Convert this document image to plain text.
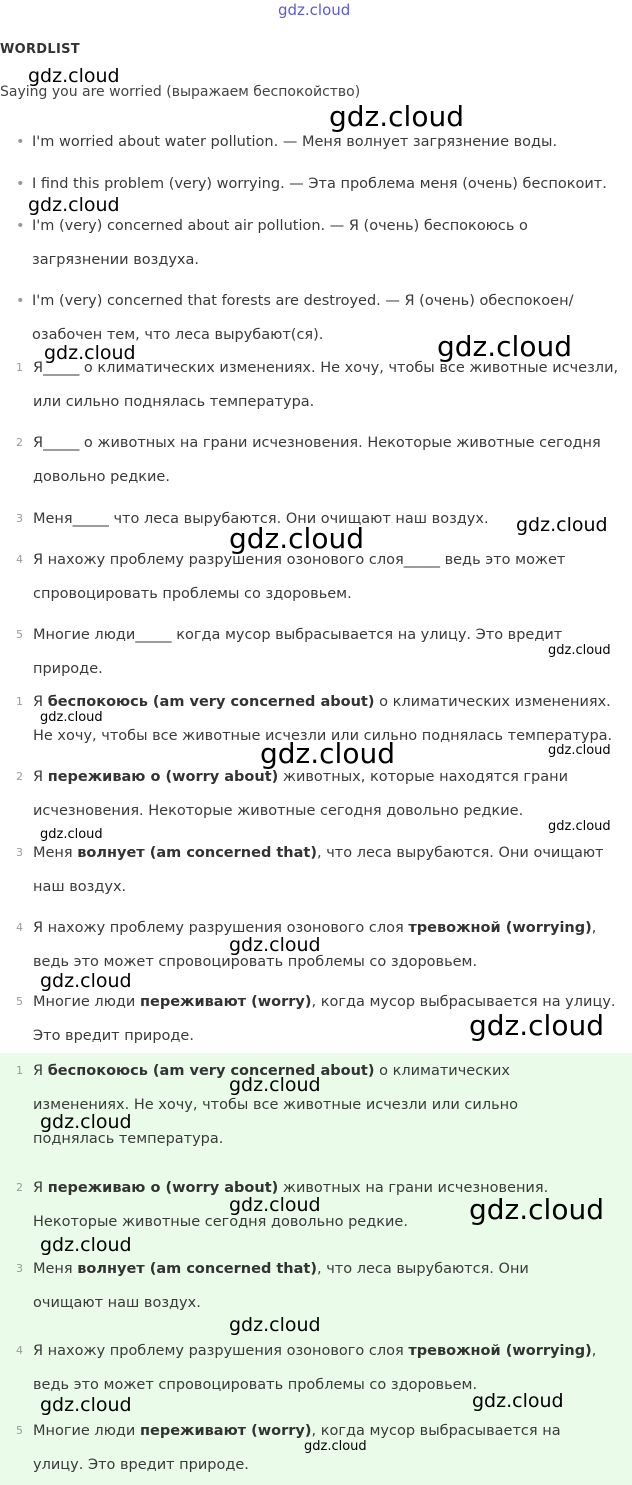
gdz.cloud
WORDLIST
Saying you are worried (выражаем беспокойство)
• I'm worried about water pollution. — Меня волнует загрязнение воды.
• I find this problem (very) worrying. — Эта проблема меня (очень) беспокоит.
• I'm (very) concerned about air pollution. — Я (очень) беспокоюсь о загрязнении воздуха.
• I'm (very) concerned that forests are destroyed. — Я (очень) обеспокоен/ озабочен тем, что леса вырубают(ся).
1 Я_____ о климатических изменениях. Не хочу, чтобы все животные исчезли, или сильно поднялась температура.
2 Я_____ о животных на грани исчезновения. Некоторые животные сегодня довольно редкие.
3 Меня_____ что леса вырубаются. Они очищают наш воздух.
4 Я нахожу проблему разрушения озонового слоя_____ ведь это может спровоцировать проблемы со здоровьем.
5 Многие люди_____ когда мусор выбрасывается на улицу. Это вредит природе.
1 Я беспокоюсь (am very concerned about) о климатических изменениях. Не хочу, чтобы все животные исчезли или сильно поднялась температура.
2 Я переживаю о (worry about) животных, которые находятся грани исчезновения. Некоторые животные сегодня довольно редкие.
3 Меня волнует (am concerned that), что леса вырубаются. Они очищают наш воздух.
4 Я нахожу проблему разрушения озонового слоя тревожной (worrying), ведь это может спровоцировать проблемы со здоровьем.
5 Многие люди переживают (worry), когда мусор выбрасывается на улицу. Это вредит природе.
1 Я беспокоюсь (am very concerned about) о климатических изменениях. Не хочу, чтобы все животные исчезли или сильно поднялась температура.
2 Я переживаю о (worry about) животных на грани исчезновения. Некоторые животные сегодня довольно редкие.
3 Меня волнует (am concerned that), что леса вырубаются. Они очищают наш воздух.
4 Я нахожу проблему разрушения озонового слоя тревожной (worrying), ведь это может спровоцировать проблемы со здоровьем.
5 Многие люди переживают (worry), когда мусор выбрасывается на улицу. Это вредит природе.
gdz.cloud
gdz.cloud
gdz.cloud
gdz.cloud	gdz.cloud
gdz.cloud
gdz.cloud
gdz.cloud
gdz.cloud
gdz.cloud	gdz.cloud
gdz.cloud
gdz.cloud
gdz.cloud
gdz.cloud
gdz.cloud
gdz.cloud
gdz.cloud
gdz.cloud	gdz.cloud
gdz.cloud
gdz.cloud
gdz.cloud	gdz.cloud
gdz.cloud
